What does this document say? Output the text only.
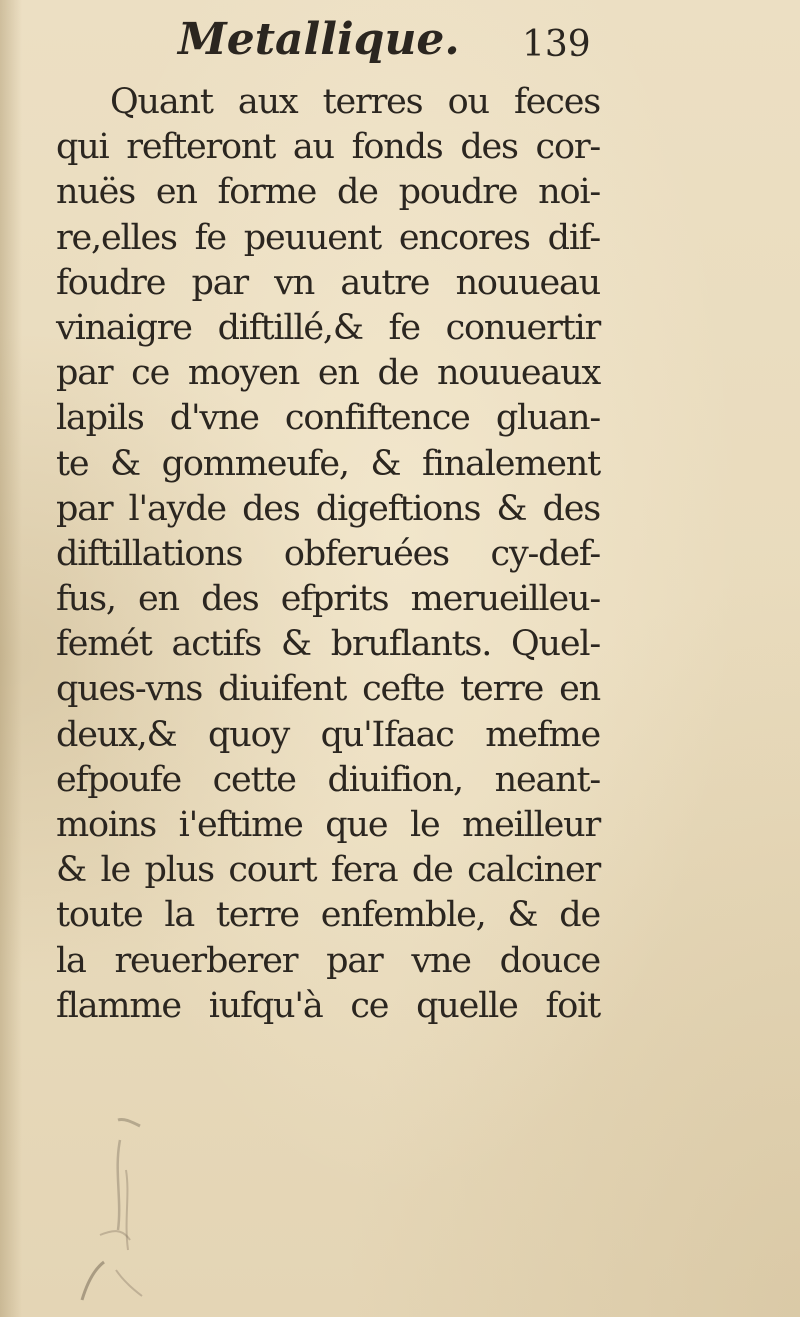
Metallique. 139
Quant aux terres ou feces
qui refteront au fonds des cor-
nuës en forme de poudre noi-
re,elles fe peuuent encores dif-
foudre par vn autre nouueau
vinaigre diftillé,& fe conuertir
par ce moyen en de nouueaux
lapils d'vne confiftence gluan-
te & gommeufe, & finalement
par l'ayde des digeftions & des
diftillations obferuées cy-def-
fus, en des efprits merueilleu-
femét actifs & bruflants. Quel-
ques-vns diuifent cefte terre en
deux,& quoy qu'Ifaac mefme
efpoufe cette diuifion, neant-
moins i'eftime que le meilleur
& le plus court fera de calciner
toute la terre enfemble, & de
la reuerberer par vne douce
flamme iufqu'à ce quelle foit
